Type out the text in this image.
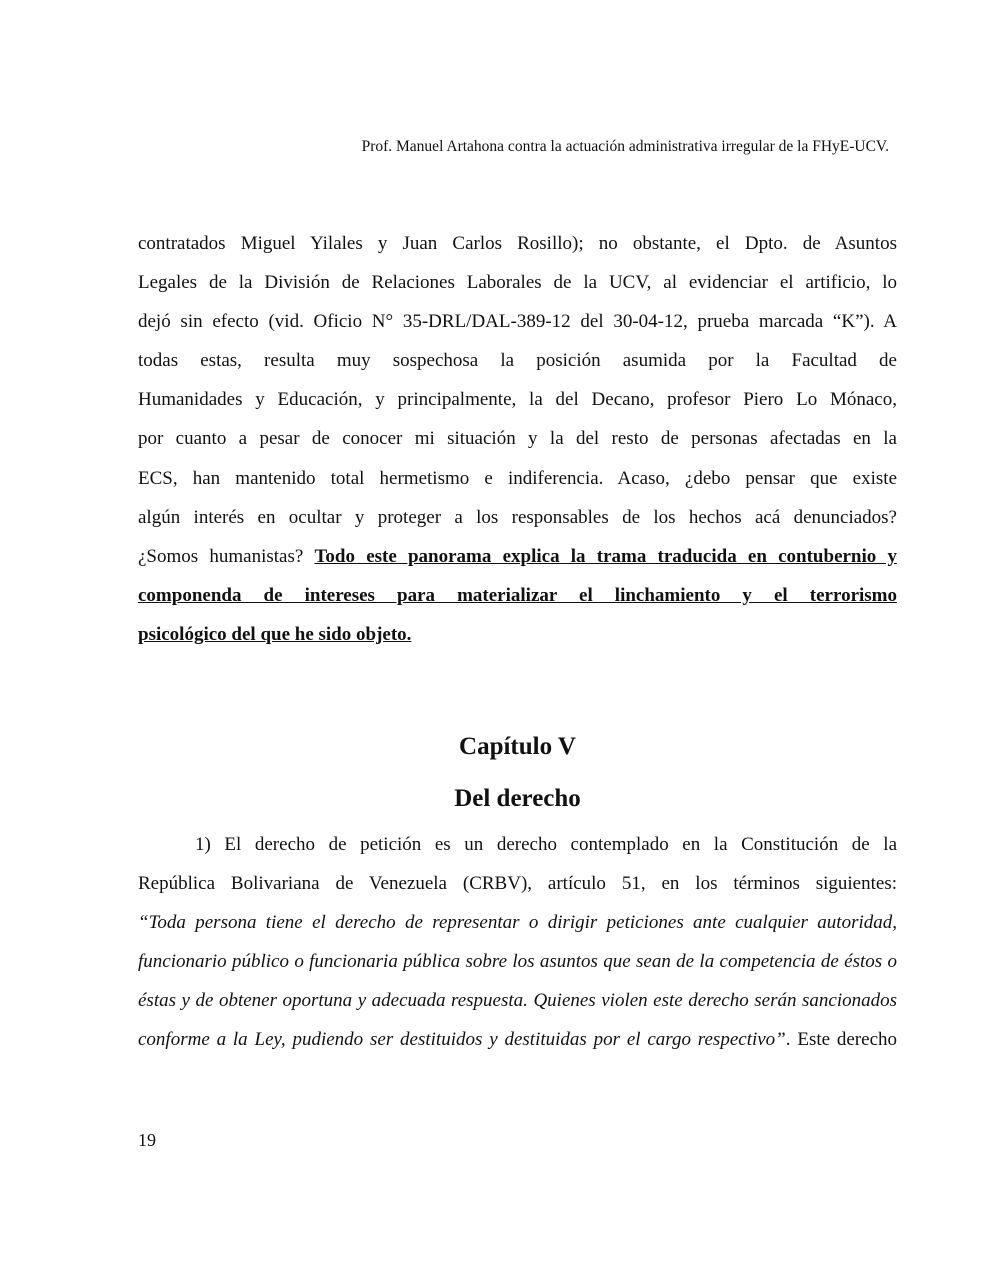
Prof. Manuel Artahona contra la actuación administrativa irregular de la FHyE-UCV.
contratados Miguel Yilales y Juan Carlos Rosillo); no obstante, el Dpto. de Asuntos
Legales de la División de Relaciones Laborales de la UCV, al evidenciar el artificio, lo
dejó sin efecto (vid. Oficio N° 35-DRL/DAL-389-12 del 30-04-12, prueba marcada “K”). A
todas estas, resulta muy sospechosa la posición asumida por la Facultad de
Humanidades y Educación, y principalmente, la del Decano, profesor Piero Lo Mónaco,
por cuanto a pesar de conocer mi situación y la del resto de personas afectadas en la
ECS, han mantenido total hermetismo e indiferencia. Acaso, ¿debo pensar que existe
algún interés en ocultar y proteger a los responsables de los hechos acá denunciados?
¿Somos humanistas? Todo este panorama explica la trama traducida en contubernio y
componenda de intereses para materializar el linchamiento y el terrorismo
psicológico del que he sido objeto.
Capítulo V
Del derecho
1) El derecho de petición es un derecho contemplado en la Constitución de la
República Bolivariana de Venezuela (CRBV), artículo 51, en los términos siguientes:
“Toda persona tiene el derecho de representar o dirigir peticiones ante cualquier autoridad,
funcionario público o funcionaria pública sobre los asuntos que sean de la competencia de éstos o
éstas y de obtener oportuna y adecuada respuesta. Quienes violen este derecho serán sancionados
conforme a la Ley, pudiendo ser destituidos y destituidas por el cargo respectivo”. Este derecho
19
